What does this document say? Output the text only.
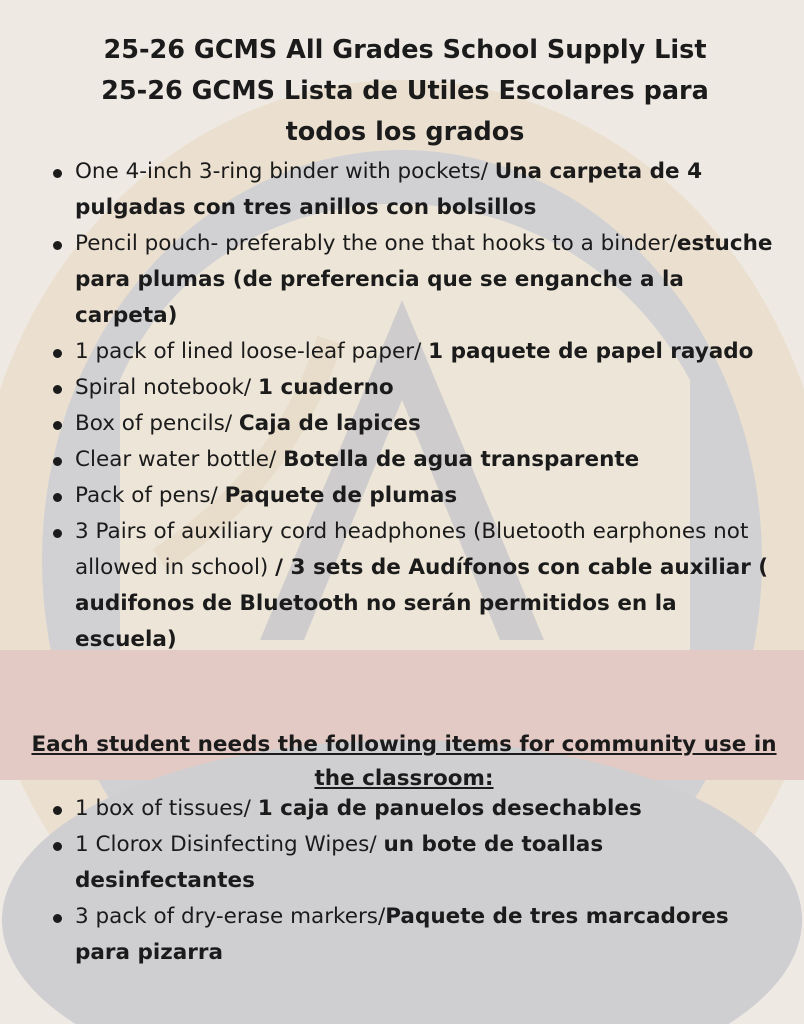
25-26 GCMS All Grades School Supply List
25-26 GCMS Lista de Utiles Escolares para
todos los grados
One 4-inch 3-ring binder with pockets/ Una carpeta de 4 pulgadas con tres anillos con bolsillos
Pencil pouch- preferably the one that hooks to a binder/estuche para plumas (de preferencia que se enganche a la carpeta)
1 pack of lined loose-leaf paper/ 1 paquete de papel rayado
Spiral notebook/ 1 cuaderno
Box of pencils/ Caja de lapices
Clear water bottle/ Botella de agua transparente
Pack of pens/ Paquete de plumas
3 Pairs of auxiliary cord headphones (Bluetooth earphones not allowed in school) / 3 sets de Audífonos con cable auxiliar ( audifonos de Bluetooth no serán permitidos en la escuela)
Each student needs the following items for community use in the classroom:
1 box of tissues/ 1 caja de panuelos desechables
1 Clorox Disinfecting Wipes/ un bote de toallas desinfectantes
3 pack of dry-erase markers/Paquete de tres marcadores para pizarra
